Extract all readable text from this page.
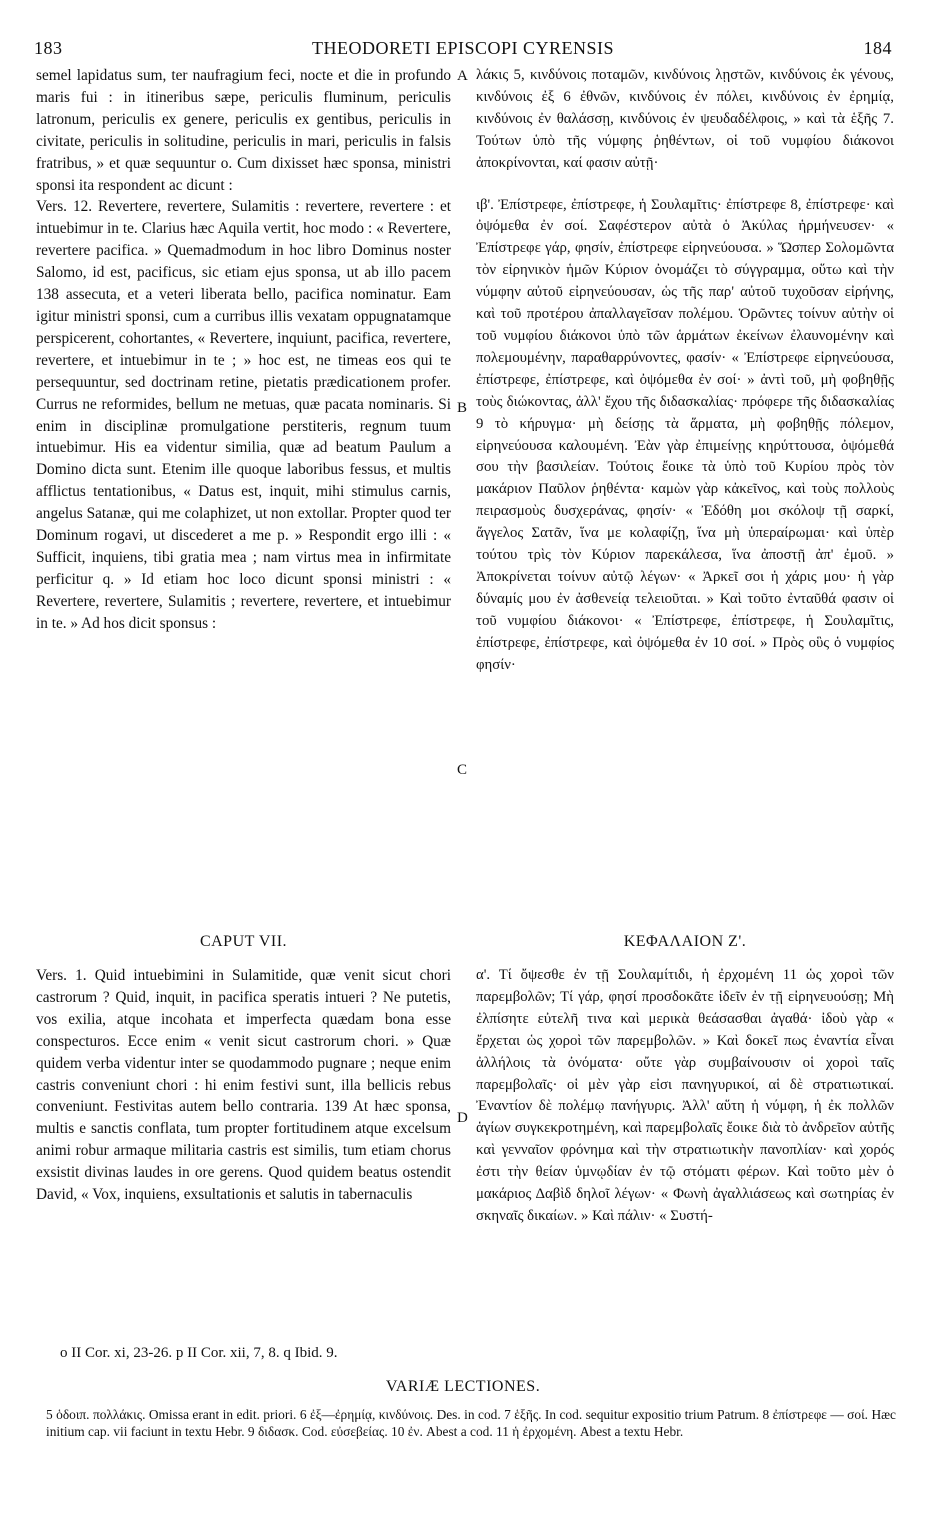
183	THEODORETI EPISCOPI CYRENSIS	184

semel lapidatus sum, ter naufragium feci, nocte et die in profundo maris fui : in itineribus sæpe, periculis fluminum, periculis latronum, periculis ex genere, periculis ex gentibus, periculis in civitate, periculis in solitudine, periculis in mari, periculis in falsis fratribus, » et quæ sequuntur o. Cum dixisset hæc sponsa, ministri sponsi ita respondent ac dicunt :

Vers. 12. Revertere, revertere, Sulamitis : revertere, revertere : et intuebimur in te. Clarius hæc Aquila vertit, hoc modo : « Revertere, revertere pacifica. » Quemadmodum in hoc libro Dominus noster Salomo, id est, pacificus, sic etiam ejus sponsa, ut ab illo pacem 138 assecuta, et a veteri liberata bello, pacifica nominatur. Eam igitur ministri sponsi, cum a curribus illis vexatam oppugnatamque perspicerent, cohortantes, « Revertere, inquiunt, pacifica, revertere, revertere, et intuebimur in te ; » hoc est, ne timeas eos qui te persequuntur, sed doctrinam retine, pietatis prædicationem profer. Currus ne reformides, bellum ne metuas, quæ pacata nominaris. Si enim in disciplinæ promulgatione perstiteris, regnum tuum intuebimur. His ea videntur similia, quæ ad beatum Paulum a Domino dicta sunt. Etenim ille quoque laboribus fessus, et multis afflictus tentationibus, « Datus est, inquit, mihi stimulus carnis, angelus Satanæ, qui me colaphizet, ut non extollar. Propter quod ter Dominum rogavi, ut discederet a me p. » Respondit ergo illi : « Sufficit, inquiens, tibi gratia mea ; nam virtus mea in infirmitate perficitur q. » Id etiam hoc loco dicunt sponsi ministri : « Revertere, revertere, Sulamitis ; revertere, revertere, et intuebimur in te. » Ad hos dicit sponsus :

λάκις 5, κινδύνοις ποταμῶν, κινδύνοις λῃστῶν, κινδύνοις ἐκ γένους, κινδύνοις ἐξ 6 ἐθνῶν, κινδύνοις ἐν πόλει, κινδύνοις ἐν ἐρημίᾳ, κινδύνοις ἐν θαλάσσῃ, κινδύνοις ἐν ψευδαδέλφοις, » καὶ τὰ ἑξῆς 7. Τούτων ὑπὸ τῆς νύμφης ῥηθέντων, οἱ τοῦ νυμφίου διάκονοι ἀποκρίνονται, καί φασιν αὐτῇ·

ιβ'. Ἐπίστρεφε, ἐπίστρεφε, ἡ Σουλαμῖτις· ἐπίστρεφε 8, ἐπίστρεφε· καὶ ὀψόμεθα ἐν σοί. Σαφέστερον αὐτὰ ὁ Ἀκύλας ἡρμήνευσεν· « Ἐπίστρεφε γάρ, φησίν, ἐπίστρεφε εἰρηνεύουσα. » Ὥσπερ Σολομῶντα τὸν εἰρηνικὸν ἡμῶν Κύριον ὀνομάζει τὸ σύγγραμμα, οὕτω καὶ τὴν νύμφην αὐτοῦ εἰρηνεύουσαν, ὡς τῆς παρ' αὐτοῦ τυχοῦσαν εἰρήνης, καὶ τοῦ προτέρου ἀπαλλαγεῖσαν πολέμου. Ὁρῶντες τοίνυν αὐτὴν οἱ τοῦ νυμφίου διάκονοι ὑπὸ τῶν ἁρμάτων ἐκείνων ἐλαυνομένην καὶ πολεμουμένην, παραθαρρύνοντες, φασίν· « Ἐπίστρεφε εἰρηνεύουσα, ἐπίστρεφε, ἐπίστρεφε, καὶ ὀψόμεθα ἐν σοί· » ἀντὶ τοῦ, μὴ φοβηθῇς τοὺς διώκοντας, ἀλλ' ἔχου τῆς διδασκαλίας· πρόφερε τῆς διδασκαλίας 9 τὸ κήρυγμα· μὴ δείσῃς τὰ ἅρματα, μὴ φοβηθῇς πόλεμον, εἰρηνεύουσα καλουμένη. Ἐὰν γὰρ ἐπιμείνῃς κηρύττουσα, ὀψόμεθά σου τὴν βασιλείαν. Τούτοις ἔοικε τὰ ὑπὸ τοῦ Κυρίου πρὸς τὸν μακάριον Παῦλον ῥηθέντα· καμὼν γὰρ κἀκεῖνος, καὶ τοὺς πολλοὺς πειρασμοὺς δυσχεράνας, φησίν· « Ἐδόθη μοι σκόλοψ τῇ σαρκί, ἄγγελος Σατᾶν, ἵνα με κολαφίζῃ, ἵνα μὴ ὑπεραίρωμαι· καὶ ὑπὲρ τούτου τρὶς τὸν Κύριον παρεκάλεσα, ἵνα ἀποστῇ ἀπ' ἐμοῦ. » Ἀποκρίνεται τοίνυν αὐτῷ λέγων· « Ἀρκεῖ σοι ἡ χάρις μου· ἡ γὰρ δύναμίς μου ἐν ἀσθενείᾳ τελειοῦται. » Καὶ τοῦτο ἐνταῦθά φασιν οἱ τοῦ νυμφίου διάκονοι· « Ἐπίστρεφε, ἐπίστρεφε, ἡ Σουλαμῖτις, ἐπίστρεφε, ἐπίστρεφε, καὶ ὀψόμεθα ἐν 10 σοί. » Πρὸς οὓς ὁ νυμφίος φησίν·

A
B
C
D
CAPUT VII.	ΚΕΦΑΛΑΙΟΝ Ζ'.

Vers. 1. Quid intuebimini in Sulamitide, quæ venit sicut chori castrorum ? Quid, inquit, in pacifica speratis intueri ? Ne putetis, vos exilia, atque incohata et imperfecta quædam bona esse conspecturos. Ecce enim « venit sicut castrorum chori. » Quæ quidem verba videntur inter se quodammodo pugnare ; neque enim castris conveniunt chori : hi enim festivi sunt, illa bellicis rebus conveniunt. Festivitas autem bello contraria. 139 At hæc sponsa, multis e sanctis conflata, tum propter fortitudinem atque excelsum animi robur armaque militaria castris est similis, tum etiam chorus exsistit divinas laudes in ore gerens. Quod quidem beatus ostendit David, « Vox, inquiens, exsultationis et salutis in tabernaculis

α'. Τί ὄψεσθε ἐν τῇ Σουλαμίτιδι, ἡ ἐρχομένη 11 ὡς χοροὶ τῶν παρεμβολῶν; Τί γάρ, φησί προσδοκᾶτε ἰδεῖν ἐν τῇ εἰρηνευούσῃ; Μὴ ἐλπίσητε εὐτελῆ τινα καὶ μερικὰ θεάσασθαι ἀγαθά· ἰδοὺ γὰρ « ἔρχεται ὡς χοροὶ τῶν παρεμβολῶν. » Καὶ δοκεῖ πως ἐναντία εἶναι ἀλλήλοις τὰ ὀνόματα· οὔτε γὰρ συμβαίνουσιν οἱ χοροὶ ταῖς παρεμβολαῖς· οἱ μὲν γὰρ εἰσι πανηγυρικοί, αἱ δὲ στρατιωτικαί. Ἐναντίον δὲ πολέμῳ πανήγυρις. Ἀλλ' αὕτη ἡ νύμφη, ἡ ἐκ πολλῶν ἁγίων συγκεκροτημένη, καὶ παρεμβολαῖς ἔοικε διὰ τὸ ἀνδρεῖον αὐτῆς καὶ γενναῖον φρόνημα καὶ τὴν στρατιωτικὴν πανοπλίαν· καὶ χορός ἐστι τὴν θείαν ὑμνῳδίαν ἐν τῷ στόματι φέρων. Καὶ τοῦτο μὲν ὁ μακάριος Δαβὶδ δηλοῖ λέγων· « Φωνὴ ἀγαλλιάσεως καὶ σωτηρίας ἐν σκηναῖς δικαίων. » Καὶ πάλιν· « Συστή-

o II Cor. xi, 23-26. p II Cor. xii, 7, 8. q Ibid. 9.
VARIÆ LECTIONES.
5 ὁδοιπ. πολλάκις. Omissa erant in edit. priori. 6 ἐξ—ἐρημίᾳ, κινδύνοις. Des. in cod. 7 ἑξῆς. In cod. sequitur expositio trium Patrum. 8 ἐπίστρεφε — σοί. Hæc initium cap. vii faciunt in textu Hebr. 9 διδασκ. Cod. εὐσεβείας. 10 ἐν. Abest a cod. 11 ἡ ἐρχομένη. Abest a textu Hebr.
